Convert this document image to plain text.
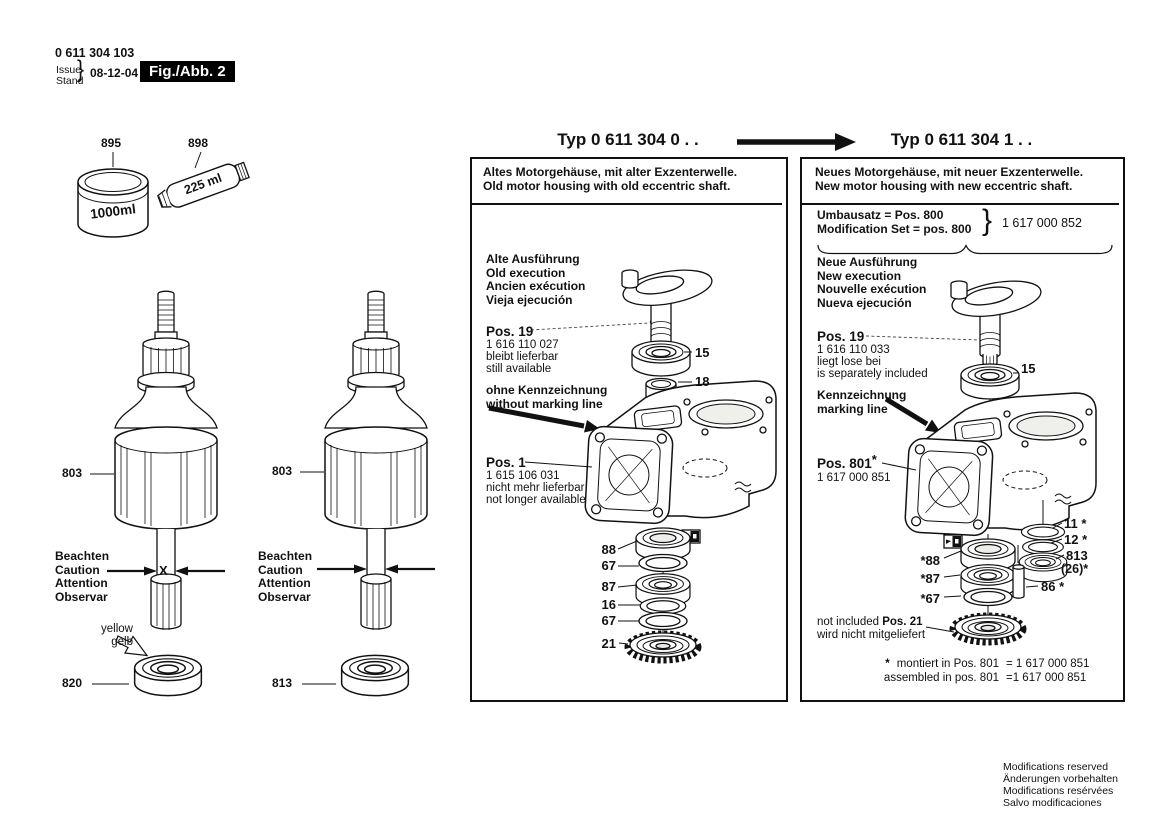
0 611 304 103
Issue
Stand
} 08-12-04 Fig./Abb. 2
895	898
1000ml
225 ml
803
Beachten
Caution
Attention
Observar
X
yellow
gelb
820
803
Beachten
Caution
Attention
Observar
813
Typ 0 611 304 0 . .	Typ 0 611 304 1 . .
Altes Motorgehäuse, mit alter Exzenterwelle.
Old motor housing with old eccentric shaft.
Alte Ausführung
Old execution
Ancien exécution
Vieja ejecución
Pos. 19
1 616 110 027
bleibt lieferbar
still available
ohne Kennzeichnung
without marking line
Pos. 1
1 615 106 031
nicht mehr lieferbar
not longer available
15
18
88
67
87
16
67
21
Neues Motorgehäuse, mit neuer Exzenterwelle.
New motor housing with new eccentric shaft.
Umbausatz = Pos. 800
Modification Set = pos. 800 } 1 617 000 852
Neue Ausführung
New execution
Nouvelle exécution
Nueva ejecución
Pos. 19
1 616 110 033
liegt lose bei
is separately included
Kennzeichnung
marking line
Pos. 801*
1 617 000 851
not included Pos. 21
wird nicht mitgeliefert
15
11 *
12 *
813
(26)*
86 *
*88
*87
*67
* montiert in Pos. 801 = 1 617 000 851
assembled in pos. 801 =1 617 000 851
Modifications reserved
Änderungen vorbehalten
Modifications resérvées
Salvo modificaciones
